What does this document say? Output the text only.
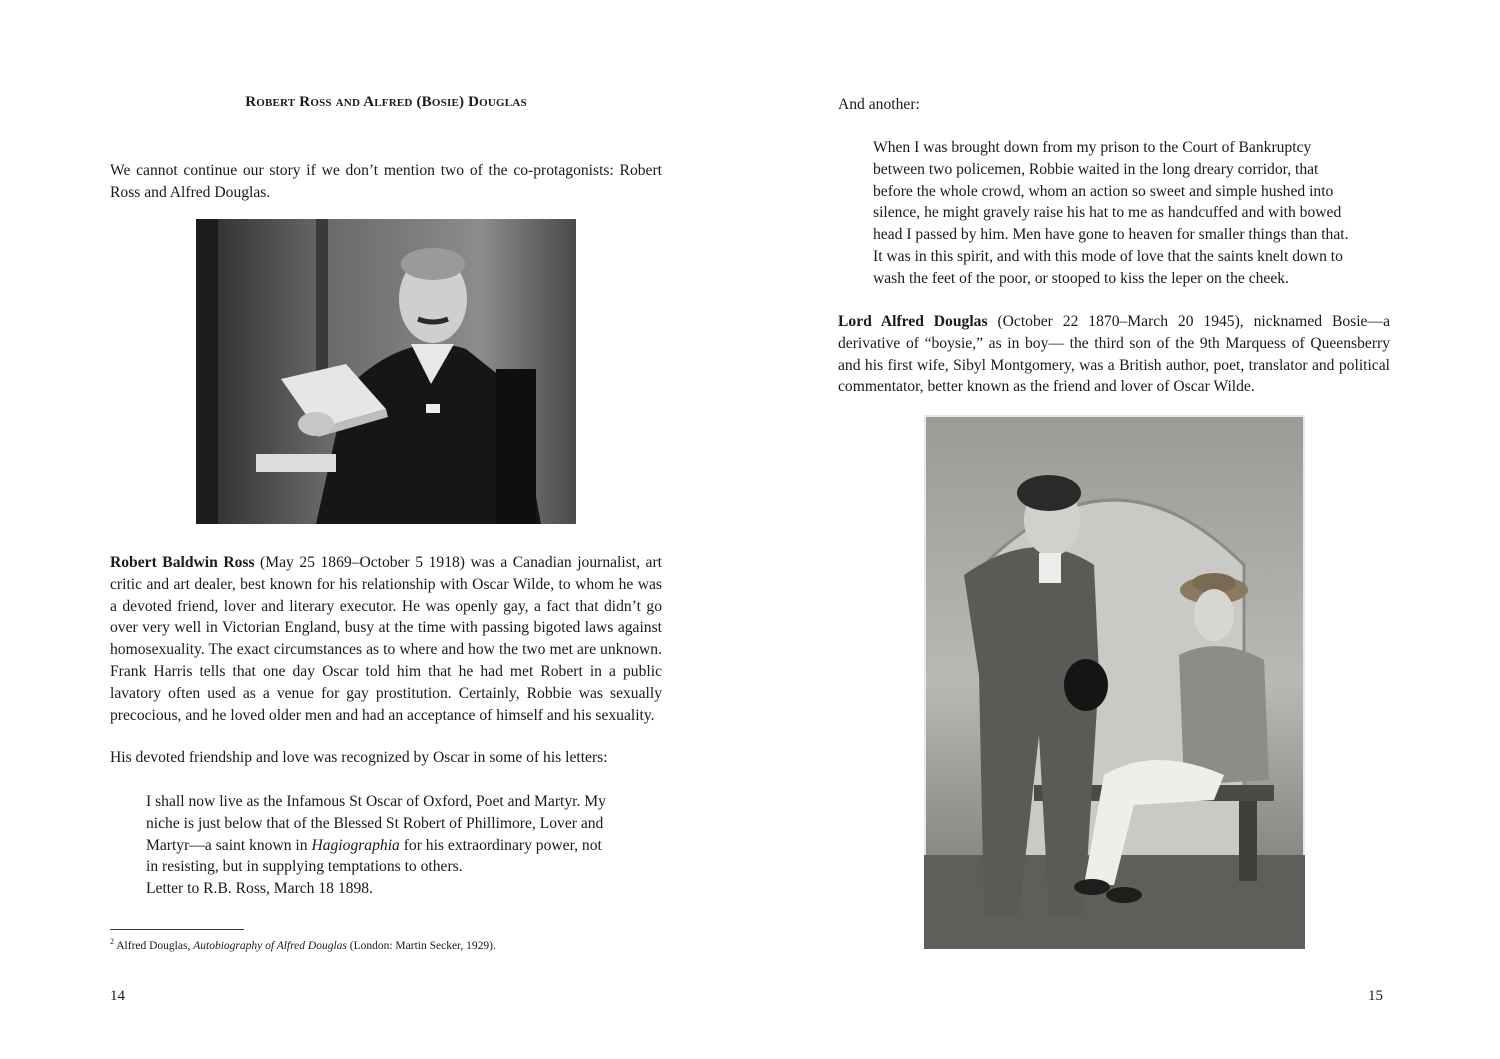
Robert Ross and Alfred (Bosie) Douglas

We cannot continue our story if we don’t mention two of the co-protagonists: Robert Ross and Alfred Douglas.

Robert Baldwin Ross (May 25 1869–October 5 1918) was a Canadian journalist, art critic and art dealer, best known for his relationship with Oscar Wilde, to whom he was a devoted friend, lover and literary executor. He was openly gay, a fact that didn’t go over very well in Victorian England, busy at the time with passing bigoted laws against homosexuality. The exact circumstances as to where and how the two met are unknown. Frank Harris tells that one day Oscar told him that he had met Robert in a public lavatory often used as a venue for gay prostitution. Certainly, Robbie was sexually precocious, and he loved older men and had an acceptance of himself and his sexuality.

His devoted friendship and love was recognized by Oscar in some of his letters:

I shall now live as the Infamous St Oscar of Oxford, Poet and Martyr. My
niche is just below that of the Blessed St Robert of Phillimore, Lover and
Martyr—a saint known in Hagiographia for his extraordinary power, not
in resisting, but in supplying temptations to others.
Letter to R.B. Ross, March 18 1898.
$^2$ Alfred Douglas, Autobiography of Alfred Douglas (London: Martin Secker, 1929).
14

And another:

When I was brought down from my prison to the Court of Bankruptcy
between two policemen, Robbie waited in the long dreary corridor, that
before the whole crowd, whom an action so sweet and simple hushed into
silence, he might gravely raise his hat to me as handcuffed and with bowed
head I passed by him. Men have gone to heaven for smaller things than that.
It was in this spirit, and with this mode of love that the saints knelt down to
wash the feet of the poor, or stooped to kiss the leper on the cheek.

Lord Alfred Douglas (October 22 1870–March 20 1945), nicknamed Bosie—a derivative of “boysie,” as in boy— the third son of the 9th Marquess of Queensberry and his first wife, Sibyl Montgomery, was a British author, poet, translator and political commentator, better known as the friend and lover of Oscar Wilde.

15
